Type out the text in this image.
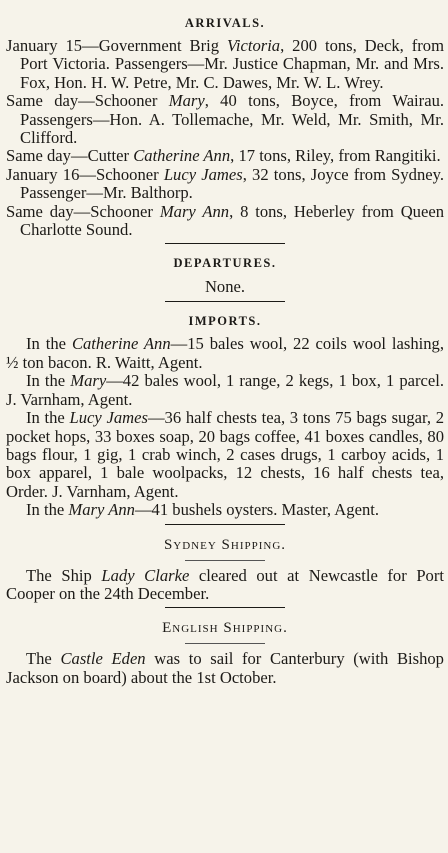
ARRIVALS.

January 15—Government Brig Victoria, 200 tons, Deck, from Port Victoria. Passengers—Mr. Justice Chapman, Mr. and Mrs. Fox, Hon. H. W. Petre, Mr. C. Dawes, Mr. W. L. Wrey.

Same day—Schooner Mary, 40 tons, Boyce, from Wairau. Passengers—Hon. A. Tollemache, Mr. Weld, Mr. Smith, Mr. Clifford.

Same day—Cutter Catherine Ann, 17 tons, Riley, from Rangitiki.

January 16—Schooner Lucy James, 32 tons, Joyce from Sydney. Passenger—Mr. Balthorp.

Same day—Schooner Mary Ann, 8 tons, Heberley from Queen Charlotte Sound.

DEPARTURES.

None.

IMPORTS.

In the Catherine Ann—15 bales wool, 22 coils wool lashing, ½ ton bacon. R. Waitt, Agent.

In the Mary—42 bales wool, 1 range, 2 kegs, 1 box, 1 parcel. J. Varnham, Agent.

In the Lucy James—36 half chests tea, 3 tons 75 bags sugar, 2 pocket hops, 33 boxes soap, 20 bags coffee, 41 boxes candles, 80 bags flour, 1 gig, 1 crab winch, 2 cases drugs, 1 carboy acids, 1 box apparel, 1 bale woolpacks, 12 chests, 16 half chests tea, Order. J. Varnham, Agent.

In the Mary Ann—41 bushels oysters. Master, Agent.

Sydney Shipping.

The Ship Lady Clarke cleared out at Newcastle for Port Cooper on the 24th December.

English Shipping.

The Castle Eden was to sail for Canterbury (with Bishop Jackson on board) about the 1st October.
